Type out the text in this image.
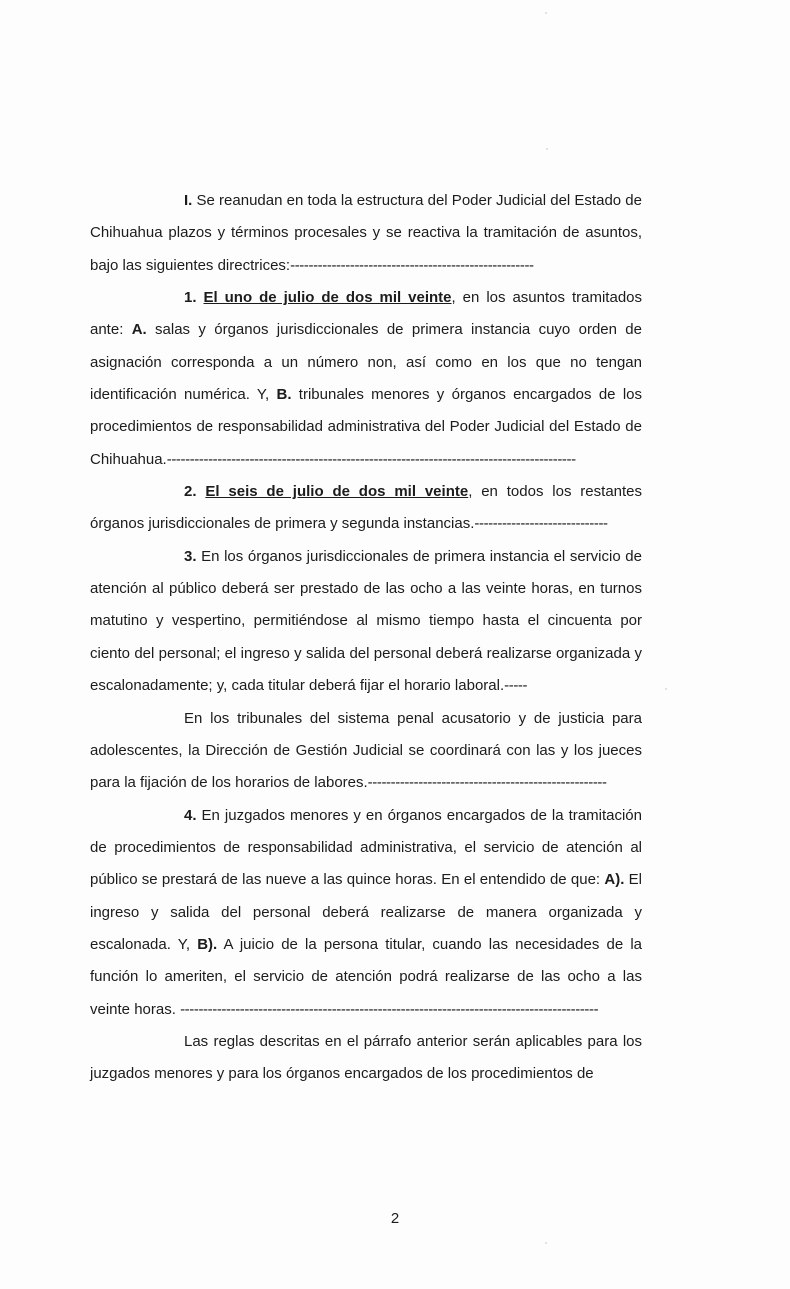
I. Se reanudan en toda la estructura del Poder Judicial del Estado de Chihuahua plazos y términos procesales y se reactiva la tramitación de asuntos, bajo las siguientes directrices:-----------------------------------------------------

1. El uno de julio de dos mil veinte, en los asuntos tramitados ante: A. salas y órganos jurisdiccionales de primera instancia cuyo orden de asignación corresponda a un número non, así como en los que no tengan identificación numérica. Y, B. tribunales menores y órganos encargados de los procedimientos de responsabilidad administrativa del Poder Judicial del Estado de Chihuahua.-----------------------------------------------------------------------------------------

2. El seis de julio de dos mil veinte, en todos los restantes órganos jurisdiccionales de primera y segunda instancias.-----------------------------

3. En los órganos jurisdiccionales de primera instancia el servicio de atención al público deberá ser prestado de las ocho a las veinte horas, en turnos matutino y vespertino, permitiéndose al mismo tiempo hasta el cincuenta por ciento del personal; el ingreso y salida del personal deberá realizarse organizada y escalonadamente; y, cada titular deberá fijar el horario laboral.-----

En los tribunales del sistema penal acusatorio y de justicia para adolescentes, la Dirección de Gestión Judicial se coordinará con las y los jueces para la fijación de los horarios de labores.----------------------------------------------------

4. En juzgados menores y en órganos encargados de la tramitación de procedimientos de responsabilidad administrativa, el servicio de atención al público se prestará de las nueve a las quince horas. En el entendido de que: A). El ingreso y salida del personal deberá realizarse de manera organizada y escalonada. Y, B). A juicio de la persona titular, cuando las necesidades de la función lo ameriten, el servicio de atención podrá realizarse de las ocho a las veinte horas. -------------------------------------------------------------------------------------------

Las reglas descritas en el párrafo anterior serán aplicables para los juzgados menores y para los órganos encargados de los procedimientos de

2
